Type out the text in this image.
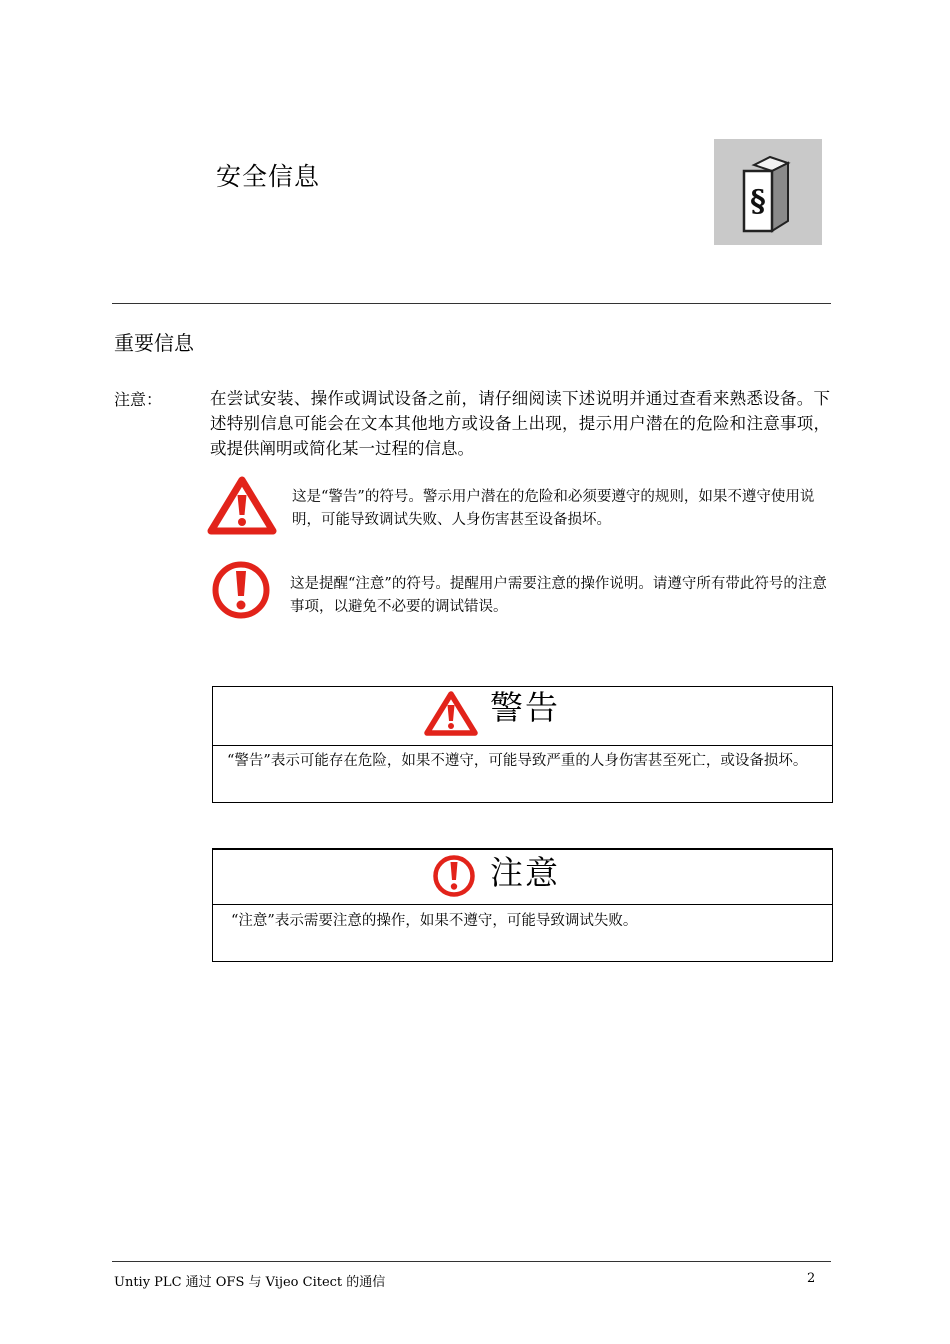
安全信息
§
重要信息
注意：	在尝试安装、操作或调试设备之前，请仔细阅读下述说明并通过查看来熟悉设备。下述特别信息可能会在文本其他地方或设备上出现，提示用户潜在的危险和注意事项，或提供阐明或简化某一过程的信息。
这是“警告”的符号。警示用户潜在的危险和必须要遵守的规则，如果不遵守使用说明，可能导致调试失败、人身伤害甚至设备损坏。
这是提醒“注意”的符号。提醒用户需要注意的操作说明。请遵守所有带此符号的注意事项，以避免不必要的调试错误。
警告
“警告”表示可能存在危险，如果不遵守，可能导致严重的人身伤害甚至死亡，或设备损坏。
注意
“注意”表示需要注意的操作，如果不遵守，可能导致调试失败。
Untiy PLC 通过 OFS 与 Vijeo Citect 的通信	2
